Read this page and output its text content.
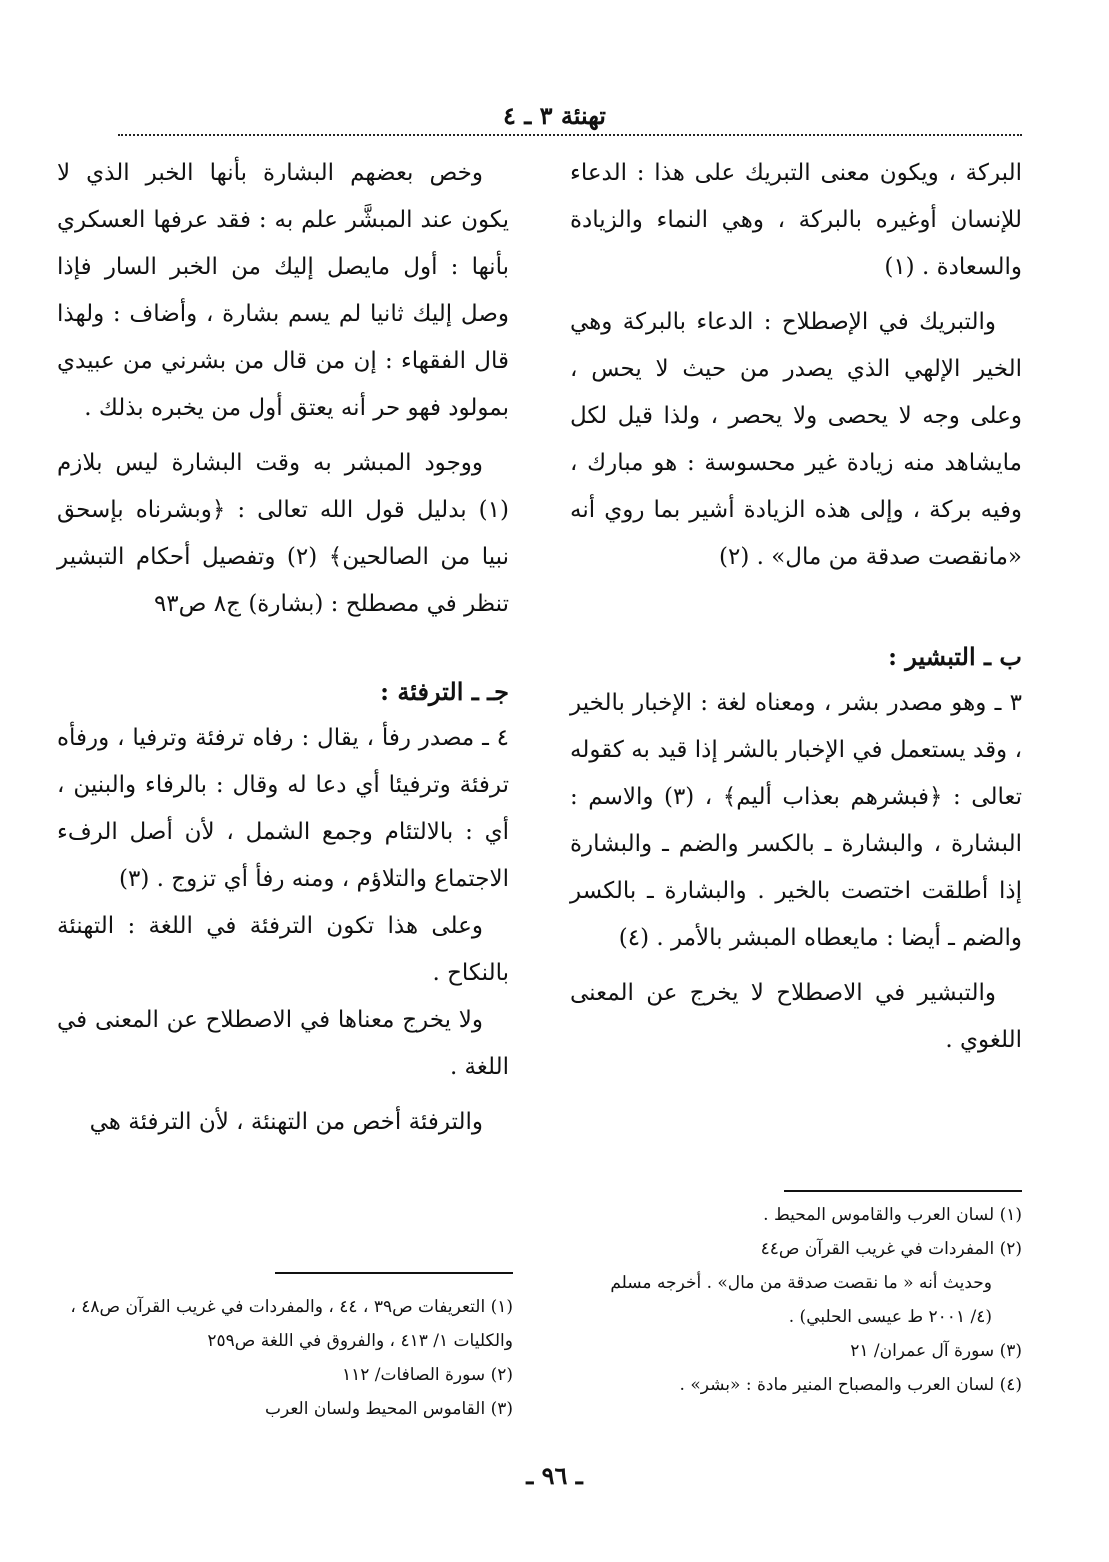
تهنئة ٣ ـ ٤

البركة ، ويكون معنى التبريك على هذا : الدعاء للإنسان أوغيره بالبركة ، وهي النماء والزيادة والسعادة . (١)

والتبريك في الإصطلاح : الدعاء بالبركة وهي الخير الإلهي الذي يصدر من حيث لا يحس ، وعلى وجه لا يحصى ولا يحصر ، ولذا قيل لكل مايشاهد منه زيادة غير محسوسة : هو مبارك ، وفيه بركة ، وإلى هذه الزيادة أشير بما روي أنه «مانقصت صدقة من مال» . (٢)

ب ـ التبشير :

٣ ـ وهو مصدر بشر ، ومعناه لغة : الإخبار بالخير ، وقد يستعمل في الإخبار بالشر إذا قيد به كقوله تعالى : ﴿فبشرهم بعذاب أليم﴾ ، (٣) والاسم : البشارة ، والبشارة ـ بالكسر والضم ـ والبشارة إذا أطلقت اختصت بالخير . والبشارة ـ بالكسر والضم ـ أيضا : مايعطاه المبشر بالأمر . (٤)

والتبشير في الاصطلاح لا يخرج عن المعنى اللغوي .

وخص بعضهم البشارة بأنها الخبر الذي لا يكون عند المبشَّر علم به : فقد عرفها العسكري بأنها : أول مايصل إليك من الخبر السار فإذا وصل إليك ثانيا لم يسم بشارة ، وأضاف : ولهذا قال الفقهاء : إن من قال من بشرني من عبيدي بمولود فهو حر أنه يعتق أول من يخبره بذلك .

ووجود المبشر به وقت البشارة ليس بلازم (١) بدليل قول الله تعالى : ﴿وبشرناه بإسحق نبيا من الصالحين﴾ (٢) وتفصيل أحكام التبشير تنظر في مصطلح : (بشارة) ج٨ ص٩٣

جـ ـ الترفئة :

٤ ـ مصدر رفأ ، يقال : رفاه ترفئة وترفيا ، ورفأه ترفئة وترفيئا أي دعا له وقال : بالرفاء والبنين ، أي : بالالتئام وجمع الشمل ، لأن أصل الرفء الاجتماع والتلاؤم ، ومنه رفأ أي تزوج . (٣)

وعلى هذا تكون الترفئة في اللغة : التهنئة بالنكاح .

ولا يخرج معناها في الاصطلاح عن المعنى في اللغة .

والترفئة أخص من التهنئة ، لأن الترفئة هي

(١) لسان العرب والقاموس المحيط .

(٢) المفردات في غريب القرآن ص٤٤

وحديث أنه « ما نقصت صدقة من مال» . أخرجه مسلم

(٤/ ٢٠٠١ ط عيسى الحلبي) .

(٣) سورة آل عمران/ ٢١

(٤) لسان العرب والمصباح المنير مادة : «بشر» .

(١) التعريفات ص٣٩ ، ٤٤ ، والمفردات في غريب القرآن ص٤٨ ، والكليات ١/ ٤١٣ ، والفروق في اللغة ص٢٥٩

(٢) سورة الصافات/ ١١٢

(٣) القاموس المحيط ولسان العرب

ـ ٩٦ ـ
